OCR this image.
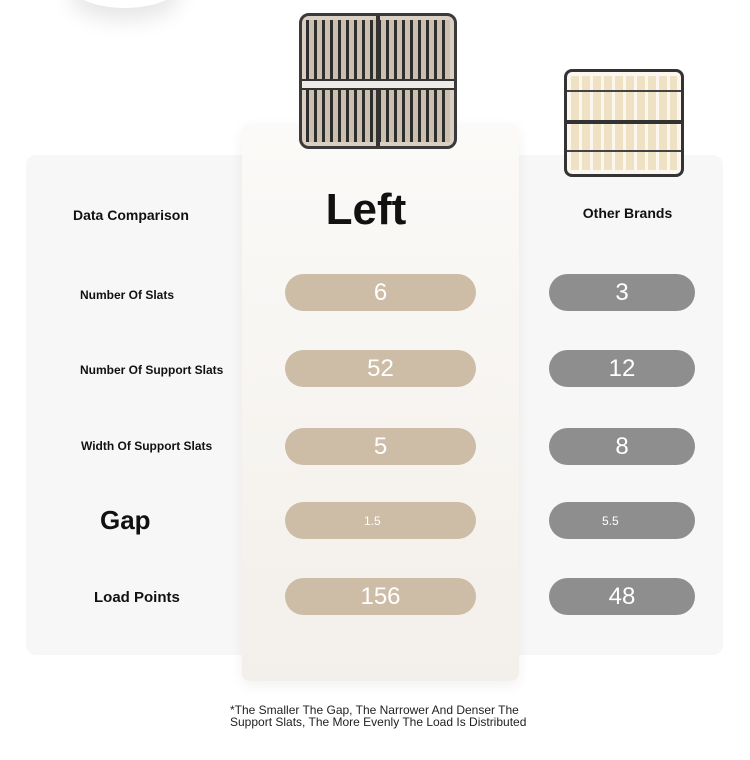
Data Comparison	Left	Other Brands
Number Of Slats	6	3
Number Of Support Slats	52	12
Width Of Support Slats	5	8
Gap	1.5	5.5
Load Points	156	48
*The Smaller The Gap, The Narrower And Denser The Support Slats, The More Evenly The Load Is Distributed
